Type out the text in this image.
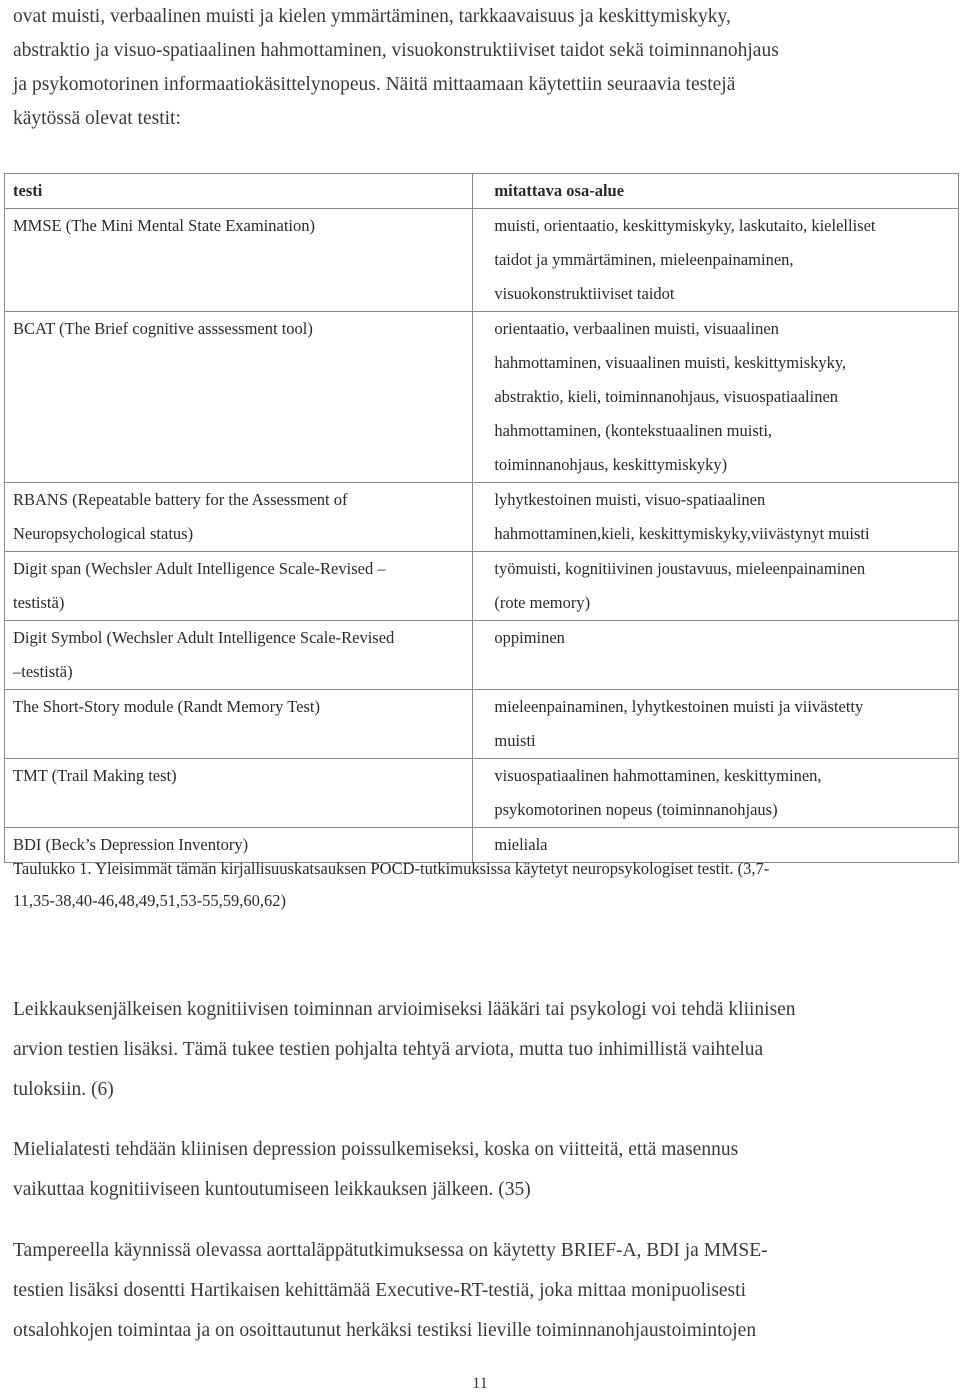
ovat muisti, verbaalinen muisti ja kielen ymmärtäminen, tarkkaavaisuus ja keskittymiskyky,
abstraktio ja visuo-spatiaalinen hahmottaminen, visuokonstruktiiviset taidot sekä toiminnanohjaus
ja psykomotorinen informaatiokäsittelynopeus. Näitä mittaamaan käytettiin seuraavia testejä
käytössä olevat testit:
testi	mitattava osa-alue

MMSE (The Mini Mental State Examination)	muisti, orientaatio, keskittymiskyky, laskutaito, kielelliset
taidot ja ymmärtäminen, mieleenpainaminen,
visuokonstruktiiviset taidot

BCAT (The Brief cognitive asssessment tool)	orientaatio, verbaalinen muisti, visuaalinen
hahmottaminen, visuaalinen muisti, keskittymiskyky,
abstraktio, kieli, toiminnanohjaus, visuospatiaalinen
hahmottaminen, (kontekstuaalinen muisti,
toiminnanohjaus, keskittymiskyky)

RBANS (Repeatable battery for the Assessment of
Neuropsychological status)	lyhytkestoinen muisti, visuo-spatiaalinen
hahmottaminen,kieli, keskittymiskyky,viivästynyt muisti

Digit span (Wechsler Adult Intelligence Scale-Revised –
testistä)	työmuisti, kognitiivinen joustavuus, mieleenpainaminen
(rote memory)

Digit Symbol (Wechsler Adult Intelligence Scale-Revised
–testistä)	oppiminen

The Short-Story module (Randt Memory Test)	mieleenpainaminen, lyhytkestoinen muisti ja viivästetty
muisti

TMT (Trail Making test)	visuospatiaalinen hahmottaminen, keskittyminen,
psykomotorinen nopeus (toiminnanohjaus)

BDI (Beck’s Depression Inventory)	mieliala
Taulukko 1. Yleisimmät tämän kirjallisuuskatsauksen POCD-tutkimuksissa käytetyt neuropsykologiset testit. (3,7-
11,35-38,40-46,48,49,51,53-55,59,60,62)
Leikkauksenjälkeisen kognitiivisen toiminnan arvioimiseksi lääkäri tai psykologi voi tehdä kliinisen
arvion testien lisäksi. Tämä tukee testien pohjalta tehtyä arviota, mutta tuo inhimillistä vaihtelua
tuloksiin. (6)
Mielialatesti tehdään kliinisen depression poissulkemiseksi, koska on viitteitä, että masennus
vaikuttaa kognitiiviseen kuntoutumiseen leikkauksen jälkeen. (35)
Tampereella käynnissä olevassa aorttaläppätutkimuksessa on käytetty BRIEF-A, BDI ja MMSE-
testien lisäksi dosentti Hartikaisen kehittämää Executive-RT-testiä, joka mittaa monipuolisesti
otsalohkojen toimintaa ja on osoittautunut herkäksi testiksi lieville toiminnanohjaustoimintojen
11
